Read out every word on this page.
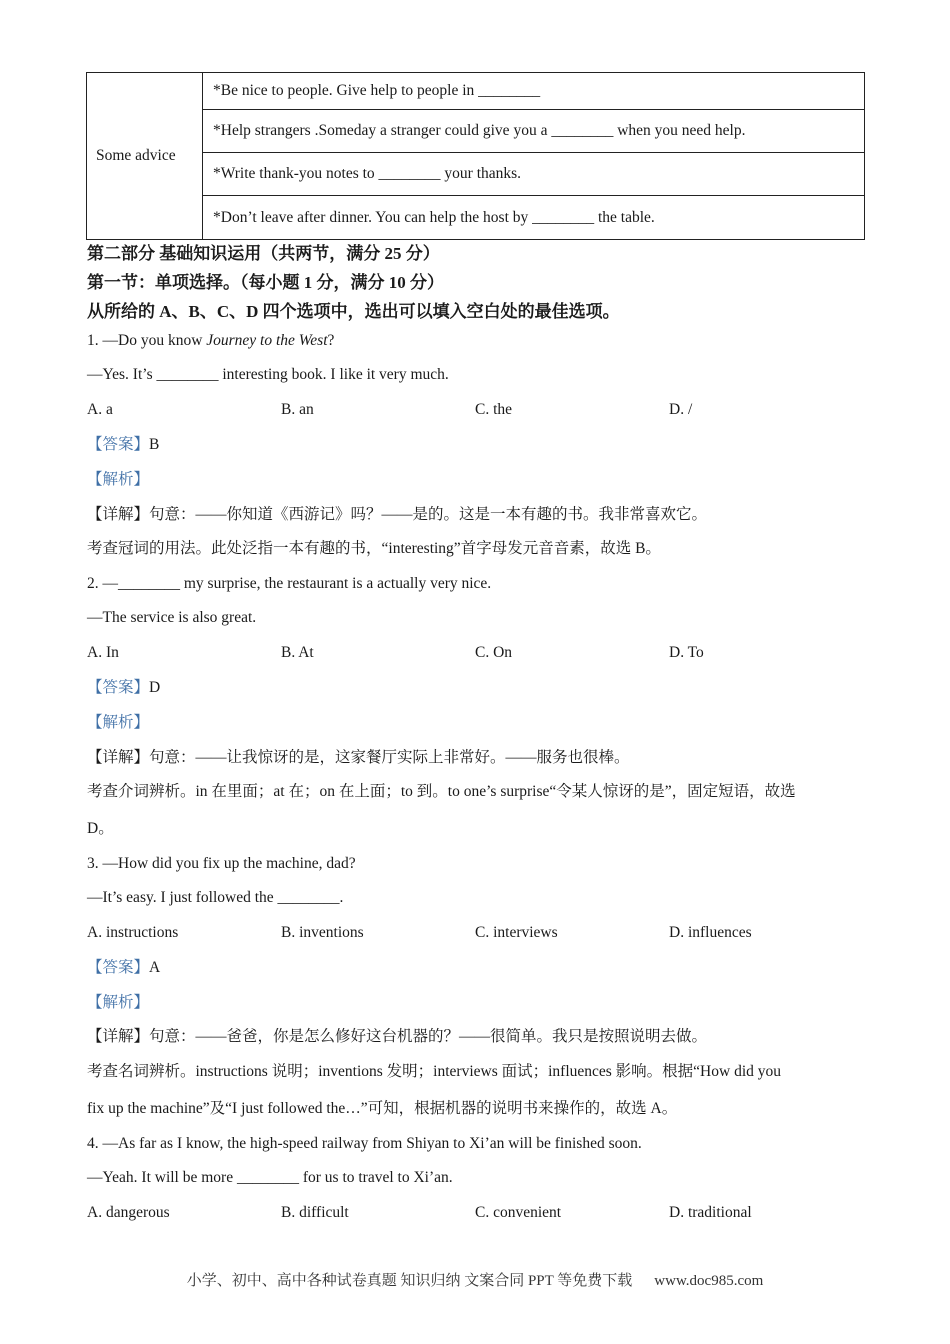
Some advice	*Be nice to people. Give help to people in ________
*Help strangers .Someday a stranger could give you a ________ when you need help.
*Write thank-you notes to ________ your thanks.
*Don’t leave after dinner. You can help the host by ________ the table.
第二部分 基础知识运用（共两节，满分 25 分）
第一节：单项选择。（每小题 1 分，满分 10 分）
从所给的 A、B、C、D 四个选项中，选出可以填入空白处的最佳选项。
1. —Do you know Journey to the West?
—Yes. It’s ________ interesting book. I like it very much.
A. a	B. an	C. the	D. /
【答案】B
【解析】
【详解】句意：——你知道《西游记》吗？——是的。这是一本有趣的书。我非常喜欢它。
考查冠词的用法。此处泛指一本有趣的书，“interesting”首字母发元音音素，故选 B。
2. —________ my surprise, the restaurant is a actually very nice.
—The service is also great.
A. In	B. At	C. On	D. To
【答案】D
【解析】
【详解】句意：——让我惊讶的是，这家餐厅实际上非常好。——服务也很棒。
考查介词辨析。in 在里面；at 在；on 在上面；to 到。to one’s surprise“令某人惊讶的是”，固定短语，故选
D。
3. —How did you fix up the machine, dad?
—It’s easy. I just followed the ________.
A. instructions	B. inventions	C. interviews	D. influences
【答案】A
【解析】
【详解】句意：——爸爸，你是怎么修好这台机器的？——很简单。我只是按照说明去做。
考查名词辨析。instructions 说明；inventions 发明；interviews 面试；influences 影响。根据“How did you
fix up the machine”及“I just followed the…”可知，根据机器的说明书来操作的，故选 A。
4. —As far as I know, the high-speed railway from Shiyan to Xi’an will be finished soon.
—Yeah. It will be more ________ for us to travel to Xi’an.
A. dangerous	B. difficult	C. convenient	D. traditional
小学、初中、高中各种试卷真题 知识归纳 文案合同 PPT 等免费下载 www.doc985.com
